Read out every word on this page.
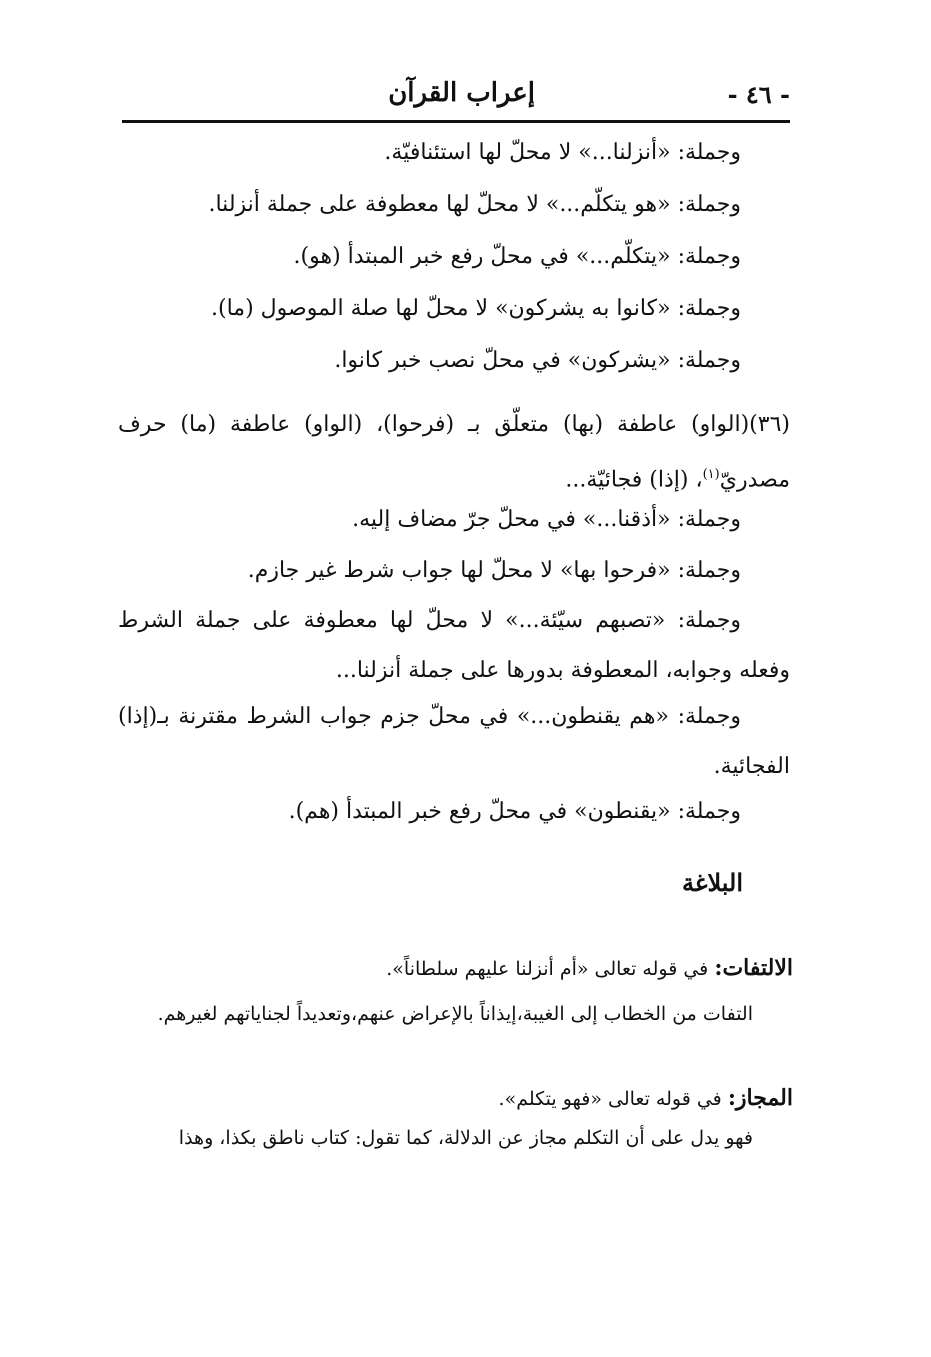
- ٤٦ -
إعراب القرآن
وجملة: «أنزلنا...» لا محلّ لها استئنافيّة.
وجملة: «هو يتكلّم...» لا محلّ لها معطوفة على جملة أنزلنا.
وجملة: «يتكلّم...» في محلّ رفع خبر المبتدأ (هو).
وجملة: «كانوا به يشركون» لا محلّ لها صلة الموصول (ما).
وجملة: «يشركون» في محلّ نصب خبر كانوا.
(٣٦)(الواو) عاطفة (بها) متعلّق بـ (فرحوا)، (الواو) عاطفة (ما) حرف مصدريّ$^{(١)}$، (إذا) فجائيّة...
وجملة: «أذقنا...» في محلّ جرّ مضاف إليه.
وجملة: «فرحوا بها» لا محلّ لها جواب شرط غير جازم.
وجملة: «تصبهم سيّئة...» لا محلّ لها معطوفة على جملة الشرط وفعله وجوابه، المعطوفة بدورها على جملة أنزلنا...
وجملة: «هم يقنطون...» في محلّ جزم جواب الشرط مقترنة بـ(إذا) الفجائية.
وجملة: «يقنطون» في محلّ رفع خبر المبتدأ (هم).
البلاغة
الالتفات: في قوله تعالى «أم أنزلنا عليهم سلطاناً».
التفات من الخطاب إلى الغيبة،إيذاناً بالإعراض عنهم،وتعديداً لجناياتهم لغيرهم.
المجاز: في قوله تعالى «فهو يتكلم».
فهو يدل على أن التكلم مجاز عن الدلالة، كما تقول: كتاب ناطق بكذا، وهذا
